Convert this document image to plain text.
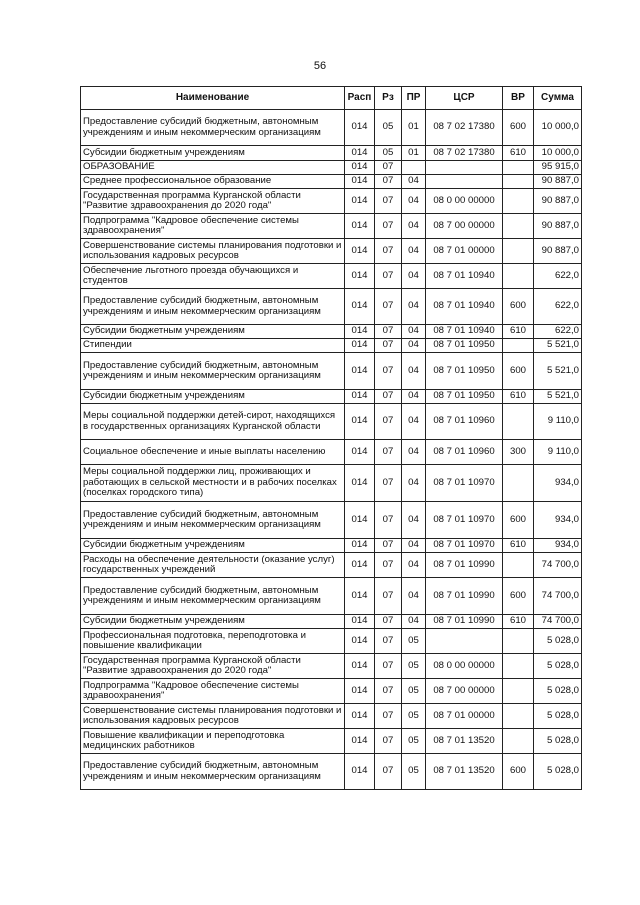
56
Наименование	Расп	Рз	ПР	ЦСР	ВР	Сумма
Предоставление субсидий бюджетным, автономным учреждениям и иным некоммерческим организациям	014	05	01	08 7 02 17380	600	10 000,0
Субсидии бюджетным учреждениям	014	05	01	08 7 02 17380	610	10 000,0
ОБРАЗОВАНИЕ	014	07				95 915,0
Среднее профессиональное образование	014	07	04			90 887,0
Государственная программа Курганской области "Развитие здравоохранения до 2020 года"	014	07	04	08 0 00 00000		90 887,0
Подпрограмма "Кадровое обеспечение системы здравоохранения"	014	07	04	08 7 00 00000		90 887,0
Совершенствование системы планирования подготовки и использования кадровых ресурсов	014	07	04	08 7 01 00000		90 887,0
Обеспечение льготного проезда обучающихся и студентов	014	07	04	08 7 01 10940		622,0
Предоставление субсидий бюджетным, автономным учреждениям и иным некоммерческим организациям	014	07	04	08 7 01 10940	600	622,0
Субсидии бюджетным учреждениям	014	07	04	08 7 01 10940	610	622,0
Стипендии	014	07	04	08 7 01 10950		5 521,0
Предоставление субсидий бюджетным, автономным учреждениям и иным некоммерческим организациям	014	07	04	08 7 01 10950	600	5 521,0
Субсидии бюджетным учреждениям	014	07	04	08 7 01 10950	610	5 521,0
Меры социальной поддержки детей-сирот, находящихся в государственных организациях Курганской области	014	07	04	08 7 01 10960		9 110,0
Социальное обеспечение и иные выплаты населению	014	07	04	08 7 01 10960	300	9 110,0
Меры социальной поддержки лиц, проживающих и работающих в сельской местности и в рабочих поселках (поселках городского типа)	014	07	04	08 7 01 10970		934,0
Предоставление субсидий бюджетным, автономным учреждениям и иным некоммерческим организациям	014	07	04	08 7 01 10970	600	934,0
Субсидии бюджетным учреждениям	014	07	04	08 7 01 10970	610	934,0
Расходы на обеспечение деятельности (оказание услуг) государственных учреждений	014	07	04	08 7 01 10990		74 700,0
Предоставление субсидий бюджетным, автономным учреждениям и иным некоммерческим организациям	014	07	04	08 7 01 10990	600	74 700,0
Субсидии бюджетным учреждениям	014	07	04	08 7 01 10990	610	74 700,0
Профессиональная подготовка, переподготовка и повышение квалификации	014	07	05			5 028,0
Государственная программа Курганской области "Развитие здравоохранения до 2020 года"	014	07	05	08 0 00 00000		5 028,0
Подпрограмма "Кадровое обеспечение системы здравоохранения"	014	07	05	08 7 00 00000		5 028,0
Совершенствование системы планирования подготовки и использования кадровых ресурсов	014	07	05	08 7 01 00000		5 028,0
Повышение квалификации и переподготовка медицинских работников	014	07	05	08 7 01 13520		5 028,0
Предоставление субсидий бюджетным, автономным учреждениям и иным некоммерческим организациям	014	07	05	08 7 01 13520	600	5 028,0
